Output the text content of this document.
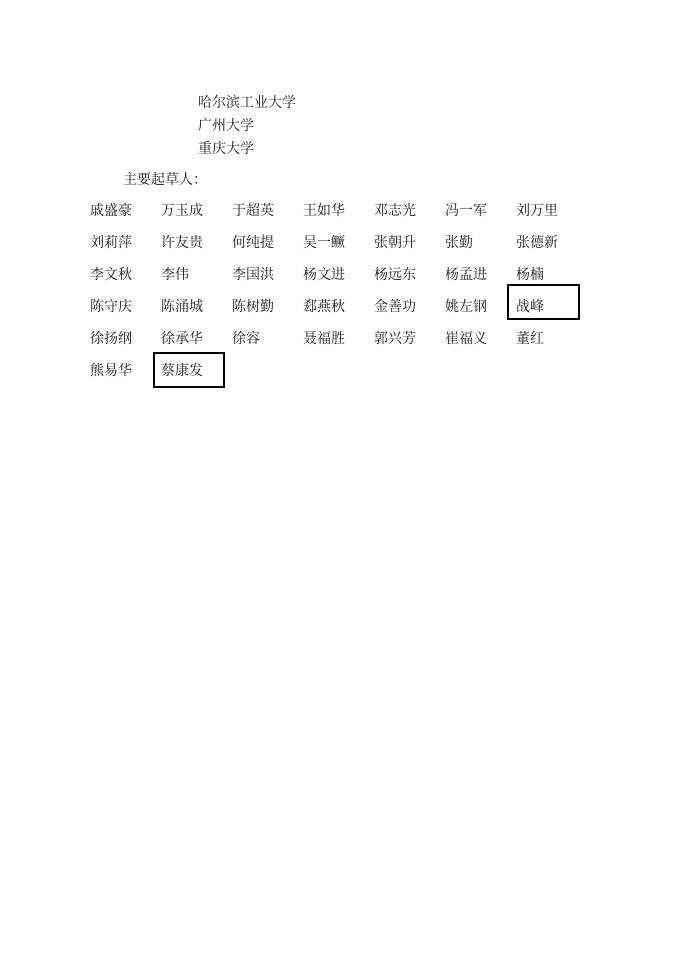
哈尔滨工业大学
广州大学
重庆大学
主要起草人：
戚盛豪 万玉成 于超英 王如华 邓志光 冯一军 刘万里
刘莉萍 许友贵 何纯提 吴一鳜 张朝升 张勤	张德新
李文秋 李伟	李国洪 杨文进 杨远东 杨孟进 杨楠
陈守庆 陈涌城 陈树勤 郄燕秋 金善功 姚左钢 战峰
徐扬纲 徐承华 徐容	聂福胜 郭兴芳 崔福义 董红
熊易华 蔡康发
